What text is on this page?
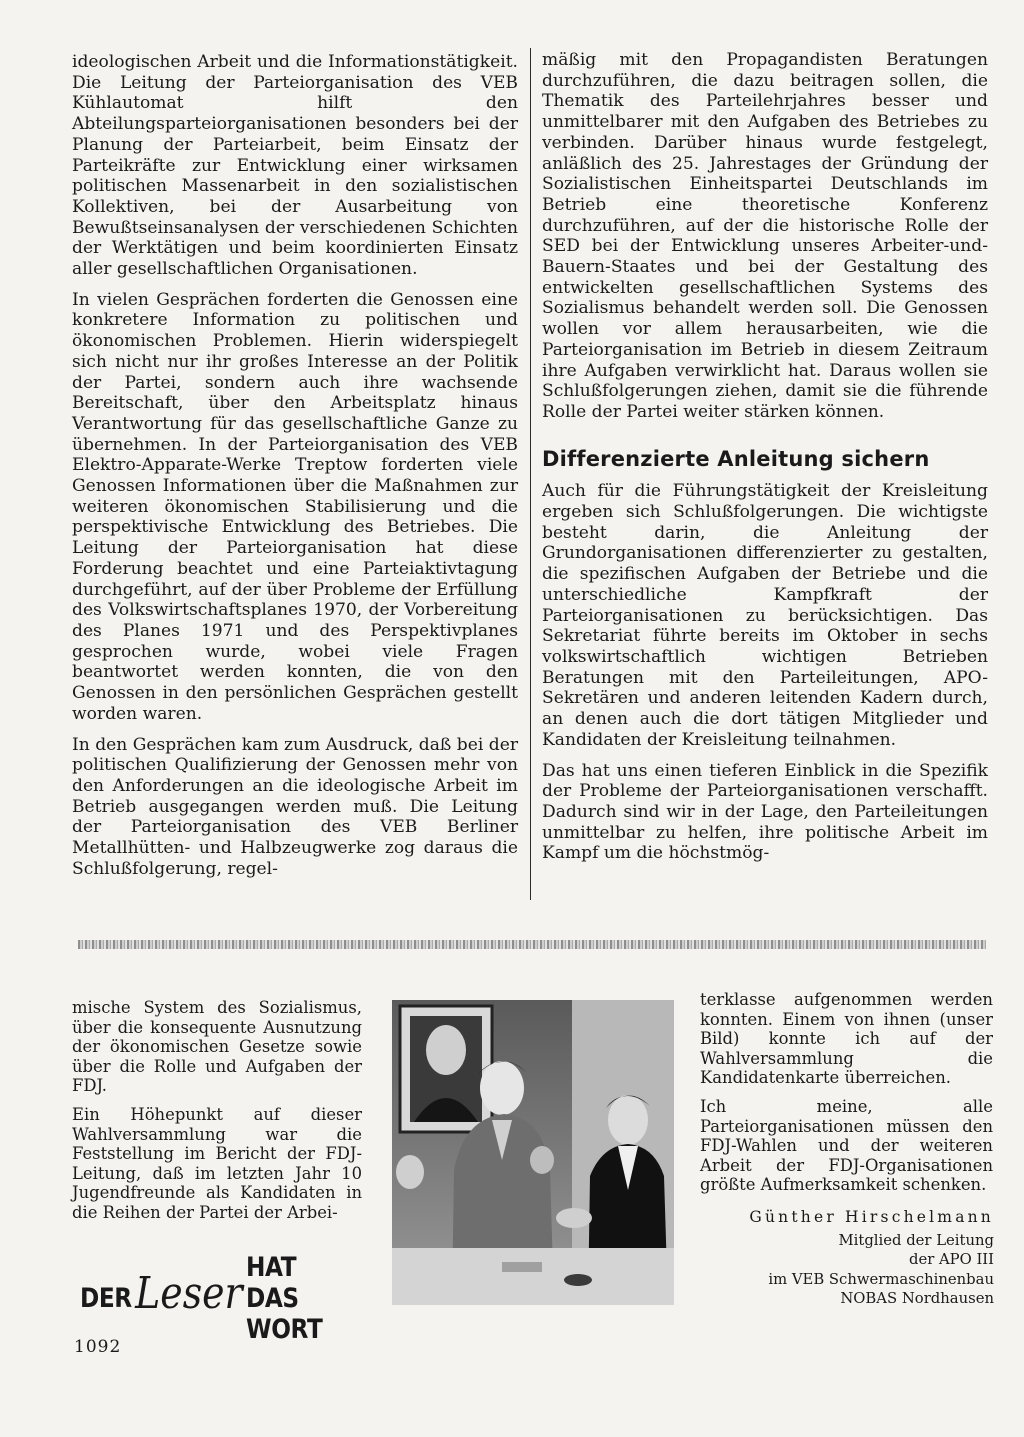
ideologischen Arbeit und die Informationstätigkeit. Die Leitung der Parteiorganisation des VEB Kühlautomat hilft den Abteilungsparteiorganisationen besonders bei der Planung der Parteiarbeit, beim Einsatz der Parteikräfte zur Entwicklung einer wirksamen politischen Massenarbeit in den sozialistischen Kollektiven, bei der Ausarbeitung von Bewußtseinsanalysen der verschiedenen Schichten der Werktätigen und beim koordinierten Einsatz aller gesellschaftlichen Organisationen.

In vielen Gesprächen forderten die Genossen eine konkretere Information zu politischen und ökonomischen Problemen. Hierin widerspiegelt sich nicht nur ihr großes Interesse an der Politik der Partei, sondern auch ihre wachsende Bereitschaft, über den Arbeitsplatz hinaus Verantwortung für das gesellschaftliche Ganze zu übernehmen. In der Parteiorganisation des VEB Elektro-Apparate-Werke Treptow forderten viele Genossen Informationen über die Maßnahmen zur weiteren ökonomischen Stabilisierung und die perspektivische Entwicklung des Betriebes. Die Leitung der Parteiorganisation hat diese Forderung beachtet und eine Parteiaktivtagung durchgeführt, auf der über Probleme der Erfüllung des Volkswirtschaftsplanes 1970, der Vorbereitung des Planes 1971 und des Perspektivplanes gesprochen wurde, wobei viele Fragen beantwortet werden konnten, die von den Genossen in den persönlichen Gesprächen gestellt worden waren.

In den Gesprächen kam zum Ausdruck, daß bei der politischen Qualifizierung der Genossen mehr von den Anforderungen an die ideologische Arbeit im Betrieb ausgegangen werden muß. Die Leitung der Parteiorganisation des VEB Berliner Metallhütten- und Halbzeugwerke zog daraus die Schlußfolgerung, regel-

mäßig mit den Propagandisten Beratungen durchzuführen, die dazu beitragen sollen, die Thematik des Parteilehrjahres besser und unmittelbarer mit den Aufgaben des Betriebes zu verbinden. Darüber hinaus wurde festgelegt, anläßlich des 25. Jahrestages der Gründung der Sozialistischen Einheitspartei Deutschlands im Betrieb eine theoretische Konferenz durchzuführen, auf der die historische Rolle der SED bei der Entwicklung unseres Arbeiter-und-Bauern-Staates und bei der Gestaltung des entwickelten gesellschaftlichen Systems des Sozialismus behandelt werden soll. Die Genossen wollen vor allem herausarbeiten, wie die Parteiorganisation im Betrieb in diesem Zeitraum ihre Aufgaben verwirklicht hat. Daraus wollen sie Schlußfolgerungen ziehen, damit sie die führende Rolle der Partei weiter stärken können.

Differenzierte Anleitung sichern

Auch für die Führungstätigkeit der Kreisleitung ergeben sich Schlußfolgerungen. Die wichtigste besteht darin, die Anleitung der Grundorganisationen differenzierter zu gestalten, die spezifischen Aufgaben der Betriebe und die unterschiedliche Kampfkraft der Parteiorganisationen zu berücksichtigen. Das Sekretariat führte bereits im Oktober in sechs volkswirtschaftlich wichtigen Betrieben Beratungen mit den Parteileitungen, APO-Sekretären und anderen leitenden Kadern durch, an denen auch die dort tätigen Mitglieder und Kandidaten der Kreisleitung teilnahmen.

Das hat uns einen tieferen Einblick in die Spezifik der Probleme der Parteiorganisationen verschafft. Dadurch sind wir in der Lage, den Parteileitungen unmittelbar zu helfen, ihre politische Arbeit im Kampf um die höchstmög-

mische System des Sozialismus, über die konsequente Ausnutzung der ökonomischen Gesetze sowie über die Rolle und Aufgaben der FDJ.

Ein Höhepunkt auf dieser Wahlversammlung war die Feststellung im Bericht der FDJ-Leitung, daß im letzten Jahr 10 Jugendfreunde als Kandidaten in die Reihen der Partei der Arbei-

terklasse aufgenommen werden konnten. Einem von ihnen (unser Bild) konnte ich auf der Wahlversammlung die Kandidatenkarte überreichen.

Ich meine, alle Parteiorganisationen müssen den FDJ-Wahlen und der weiteren Arbeit der FDJ-Organisationen größte Aufmerksamkeit schenken.

Günther Hirschelmann
Mitglied der Leitung
der APO III
im VEB Schwermaschinenbau
NOBAS Nordhausen
DER Leser
HAT DAS WORT
1092
